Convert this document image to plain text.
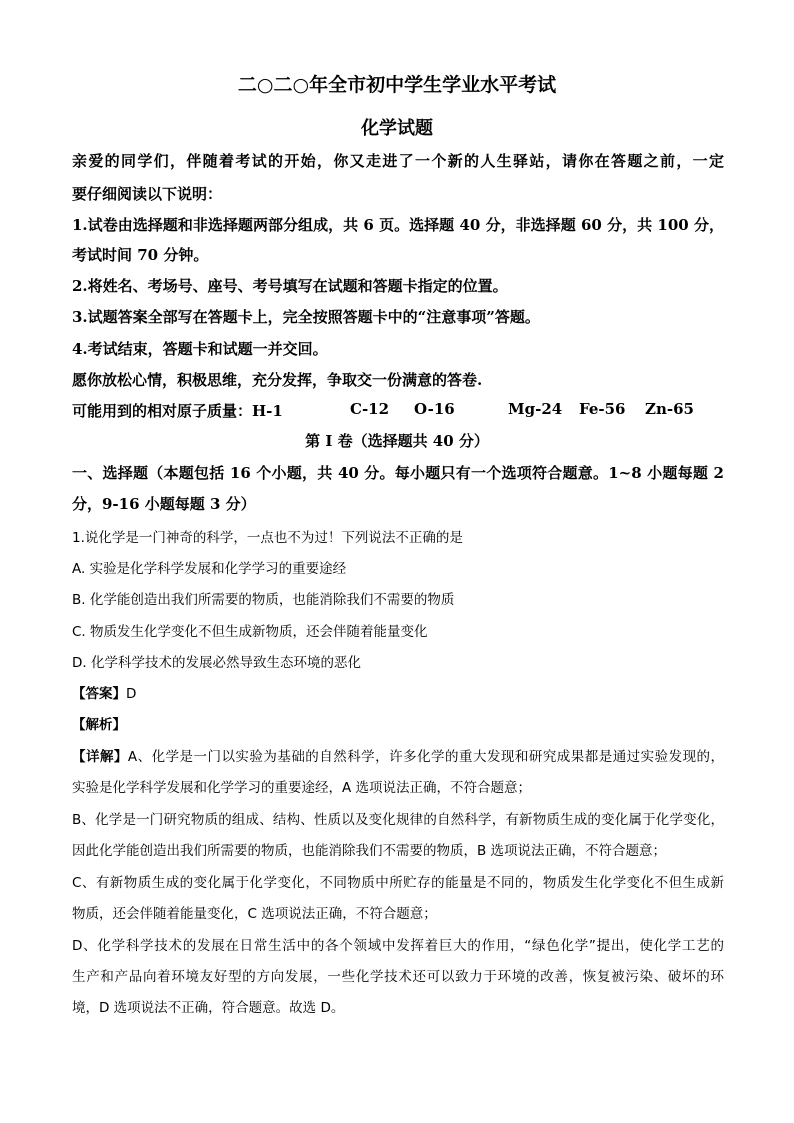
二○二○年全市初中学生学业水平考试
化学试题
亲爱的同学们，伴随着考试的开始，你又走进了一个新的人生驿站，请你在答题之前，一定
要仔细阅读以下说明：
1.试卷由选择题和非选择题两部分组成，共 6 页。选择题 40 分，非选择题 60 分，共 100 分，
考试时间 70 分钟。
2.将姓名、考场号、座号、考号填写在试题和答题卡指定的位置。
3.试题答案全部写在答题卡上，完全按照答题卡中的“注意事项”答题。
4.考试结束，答题卡和试题一并交回。
愿你放松心情，积极思维，充分发挥，争取交一份满意的答卷.
可能用到的相对原子质量：H-1	C-12 O-16	Mg-24 Fe-56 Zn-65
第 I 卷（选择题共 40 分）
一、选择题（本题包括 16 个小题，共 40 分。每小题只有一个选项符合题意。1~8 小题每题 2
分，9-16 小题每题 3 分）
1.说化学是一门神奇的科学，一点也不为过！下列说法不正确的是
A. 实验是化学科学发展和化学学习的重要途经
B. 化学能创造出我们所需要的物质，也能消除我们不需要的物质
C. 物质发生化学变化不但生成新物质，还会伴随着能量变化
D. 化学科学技术的发展必然导致生态环境的恶化
【答案】D
【解析】
【详解】A、化学是一门以实验为基础的自然科学，许多化学的重大发现和研究成果都是通过实验发现的，
实验是化学科学发展和化学学习的重要途经，A 选项说法正确，不符合题意；
B、化学是一门研究物质的组成、结构、性质以及变化规律的自然科学，有新物质生成的变化属于化学变化，
因此化学能创造出我们所需要的物质，也能消除我们不需要的物质，B 选项说法正确，不符合题意；
C、有新物质生成的变化属于化学变化，不同物质中所贮存的能量是不同的，物质发生化学变化不但生成新
物质，还会伴随着能量变化，C 选项说法正确，不符合题意；
D、化学科学技术的发展在日常生活中的各个领域中发挥着巨大的作用，“绿色化学”提出，使化学工艺的
生产和产品向着环境友好型的方向发展，一些化学技术还可以致力于环境的改善，恢复被污染、破坏的环
境，D 选项说法不正确，符合题意。故选 D。
